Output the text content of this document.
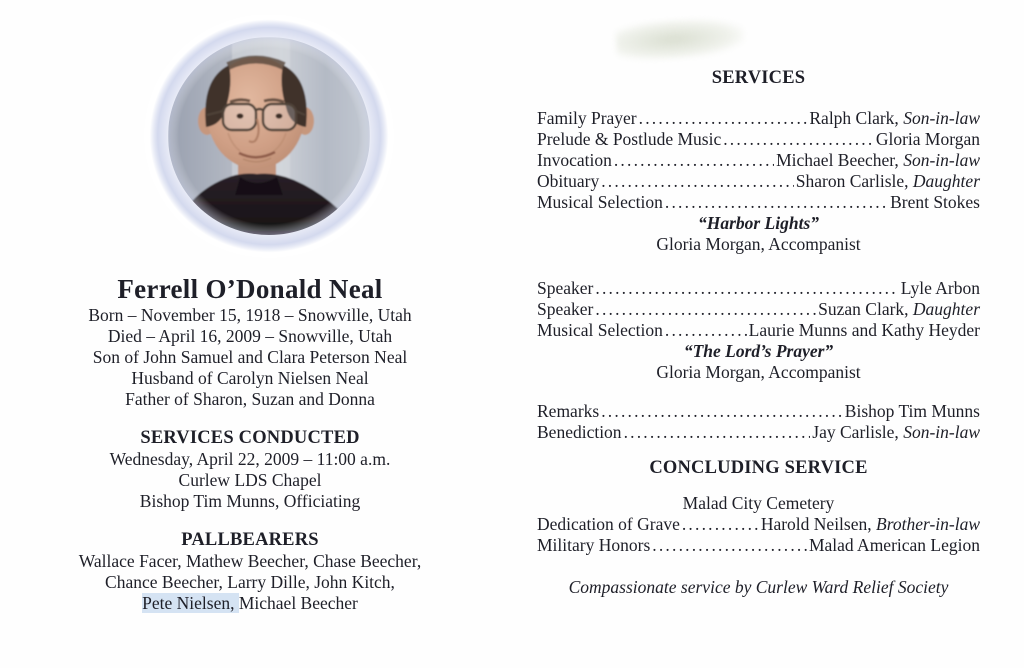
Ferrell O’Donald Neal

Born – November 15, 1918 – Snowville, Utah

Died – April 16, 2009 – Snowville, Utah

Son of John Samuel and Clara Peterson Neal

Husband of Carolyn Nielsen Neal

Father of Sharon, Suzan and Donna

SERVICES CONDUCTED

Wednesday, April 22, 2009 – 11:00 a.m.

Curlew LDS Chapel

Bishop Tim Munns, Officiating

PALLBEARERS

Wallace Facer, Mathew Beecher, Chase Beecher,

Chance Beecher, Larry Dille, John Kitch,

Pete Nielsen, Michael Beecher

SERVICES
Family Prayer .....	Ralph Clark, Son-in-law
Prelude & Postlude Music .....	Gloria Morgan
Invocation .....	Michael Beecher, Son-in-law
Obituary .....	Sharon Carlisle, Daughter
Musical Selection .....	Brent Stokes
“Harbor Lights”
Gloria Morgan, Accompanist
Speaker .....	Lyle Arbon
Speaker .....	Suzan Clark, Daughter
Musical Selection .....	Laurie Munns and Kathy Heyder
“The Lord’s Prayer”
Gloria Morgan, Accompanist
Remarks .....	Bishop Tim Munns
Benediction .....	Jay Carlisle, Son-in-law
CONCLUDING SERVICE
Malad City Cemetery
Dedication of Grave .....	Harold Neilsen, Brother-in-law
Military Honors .....	Malad American Legion
Compassionate service by Curlew Ward Relief Society
